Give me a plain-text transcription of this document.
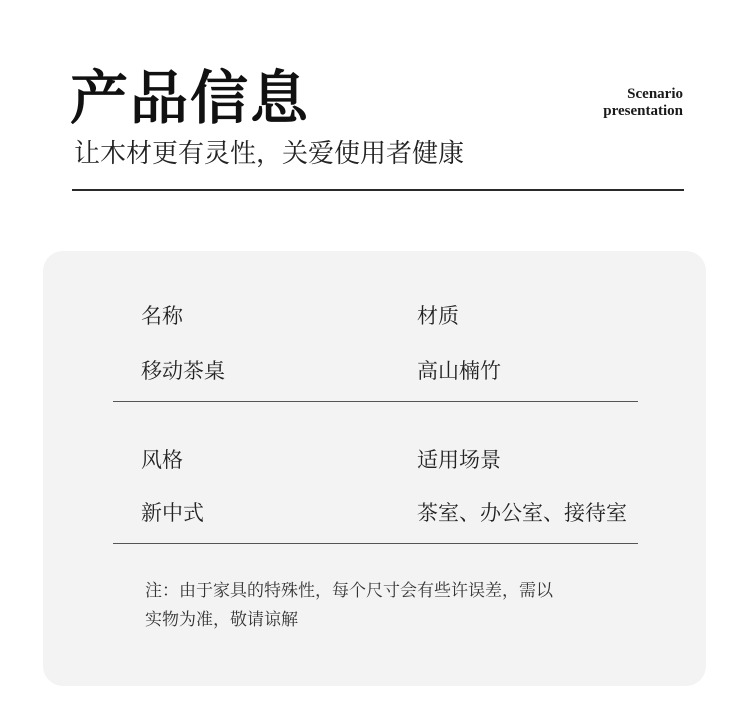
产品信息

让木材更有灵性，关爱使用者健康

Scenario
presentation
名称
移动茶桌
材质
高山楠竹
风格
新中式
适用场景
茶室、办公室、接待室

注：由于家具的特殊性，每个尺寸会有些许误差，需以
实物为准，敬请谅解
